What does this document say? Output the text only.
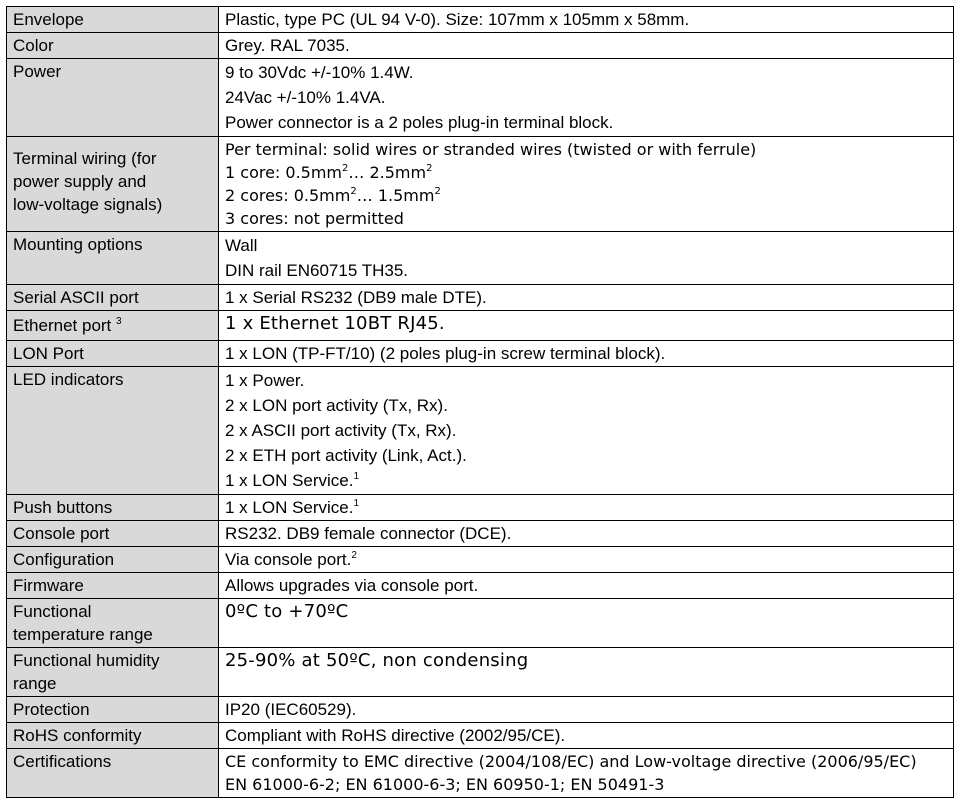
Envelope	Plastic, type PC (UL 94 V-0). Size: 107mm x 105mm x 58mm.

Color	Grey. RAL 7035.

Power	9 to 30Vdc +/-10% 1.4W.
24Vac +/-10% 1.4VA.
Power connector is a 2 poles plug-in terminal block.

Terminal wiring (for
power supply and
low-voltage signals)	Per terminal: solid wires or stranded wires (twisted or with ferrule)
1 core: $0.5mm^2\dots$ $2.5mm^2$
2 cores: $0.5mm^2\dots$ $1.5mm^2$
3 cores: not permitted

Mounting options	Wall
DIN rail EN60715 TH35.

Serial ASCII port	1 x Serial RS232 (DB9 male DTE).

Ethernet port $^3$	1 x Ethernet 10BT RJ45.

LON Port	1 x LON (TP-FT/10) (2 poles plug-in screw terminal block).

LED indicators	1 x Power.
2 x LON port activity (Tx, Rx).
2 x ASCII port activity (Tx, Rx).
2 x ETH port activity (Link, Act.).
1 x LON Service.$^1$

Push buttons	1 x LON Service.$^1$

Console port	RS232. DB9 female connector (DCE).

Configuration	Via console port.$^2$

Firmware	Allows upgrades via console port.

Functional
temperature range	0ºC to +70ºC

Functional humidity
range	25-90% at 50ºC, non condensing

Protection	IP20 (IEC60529).

RoHS conformity	Compliant with RoHS directive (2002/95/CE).

Certifications	CE conformity to EMC directive (2004/108/EC) and Low-voltage directive (2006/95/EC)
EN 61000-6-2; EN 61000-6-3; EN 60950-1; EN 50491-3
